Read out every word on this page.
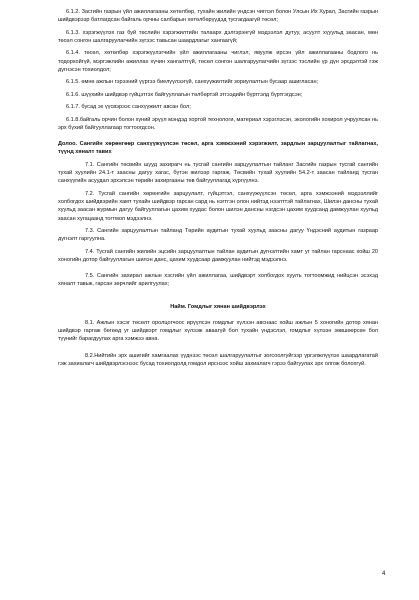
6.1.2. Засгийн газрын үйл ажиллагааны хөтөлбөр, тухайн жилийн үндсэн чиглэл болон Улсын Их Хурал, Засгийн газрын шийдвэрээр батлагдсан байгаль орчны салбарын хөтөлбөрүүдэд тусгагдаагүй төсөл;

6.1.3. хэрэгжүүлэх газ буй төслийн хэрэгжилтийн талаарх дэлгэрэнгүй мэдээлэл дутуу, асуулт хүуульд заасан, мөн төсөл сонгон шалгаруулагчийн зүгээс тавьсан шаардлагыг хангаагүй;

6.1.4. төсөл, хөтөлбөр хэрэгжүүлэгчийн үйл ажиллагааны чиглэл, явуулж ирсэн үйл ажиллагааны бодлого нь тодорхойгүй, мэргэжлийн ажиллах хүчин хангалтгүй, төсөл сонгон шалгаруулагчийн зүгээс тэслийн үр дүн эрсдэлтэй гэж дүгнэсэн тохиолдол;

6.1.5. өмнө ажлын гэрээний үүргээ биелүүлээгүй, санхүүжилтийг зориулалтын бусаар ашигласан;

6.1.6. шүүхийн шийдвэр гүйцэтгэх байгууллагын төлбөртэй этгээдийн бүртгэлд бүртгэгдсэн;

6.1.7. бусад эх үүсвэрээс санхүүжилт авсан бол;

6.1.8.байгаль орчин болон хүний эрүүл мэндэд хортой технологи, материал хэрэглэсэн, экологийн хохирол учруулсан нь эрх бүхий байгууллагаар тогтоогдсон.

Долоо. Сангийн хөрөнгөөр санхүүжүүлсэн төсөл, арга хэмжээний хэрэгжилт, зардлын зарцуулалтыг тайлагнах, түүнд хяналт тавих

7.1. Сангийн төсвийн шууд захирагч нь тусгай сангийн зарцуулалтын тайланг Засгийн газрын тусгай сангийн тухай хуулийн 24.1-т заасны дагуу хагас, бүтэн жилээр гаргаж, Төсвийн тухай хуулийн 54.2-т заасан тайланд тусган санхүүгийн асуудал эрхэлсэн төрийн захиргааны төв байгууллагад хүргүүлнэ.

7.2. Тусгай сангийн хөрөнгийн зарцуулалт, гүйцэтгэл, санхүүжүүлсэн төсөл, арга хэмжээний мэдээллийг холбогдох шийдвэрийн хамт тухайн шийдвэр гарсан сард нь нэгтгэн олон нийтэд нээлттэй тайлагнах, Шилэн дансны тухай хуульд заасан журмын дагуу байгууллагын цахим хуудас болон шилэн дансны нэгдсэн цахим хуудсанд дамжуулан хуульд заасан хугацаанд тогтмол мэдээлнэ.

7.3. Сангийн зарцуулалтын тайланд Төрийн аудитын тухай хуульд заасны дагуу Үндэсний аудитын газраар дүгнэлт гаргуулна.

7.4. Тусгай сангийн жилийн эцсийн зарцуулалтын тайлан аудитын дүгнэлтийн хамт уг тайлан гарснаас хойш 20 хоногийн дотор байгууллагын шилэн данс, цахим хуудсаар дамжуулан нийтэд мэдээлнэ.

7.5. Сангийн захирал ажлын хэсгийн үйл ажиллагаа, шийдвэрт холбогдох хуулъ тогтоомжид нийцсэн эсэхэд хяналт тавьж, гарсан зөрчлийг арилгуулах;

Найм. Гомдлыг хянан шийдвэрлэх

8.1. Ажлын хэсэг төсөлт оролцогчоос ирүүлсэн гомдлыг хүлээн авснаас хойш ажлын 5 хоногийн дотор хянан шийдвэр гаргаж бөгөөд уг шийдвэрт гомдлыг хүлээж аваагүй бол тухайн үндэслэл, гомдлыг хүлээн зөвшөөрсөн бол түүнийг барагдуулах арга хэмжээ авна.

8.2.Нийтийн эрх ашигийг хамгаалах үүднээс төсөл шалгаруулалтыг зогсоолгуйгээр үргэлжлүүлэх шаардлагатай гэж захиалагч шийдвэрлэснээс бусад тохиолдолд гомдол ирснээс хойш захиалагч гэрээ байгуулах эрх олгож болохгүй.

4
